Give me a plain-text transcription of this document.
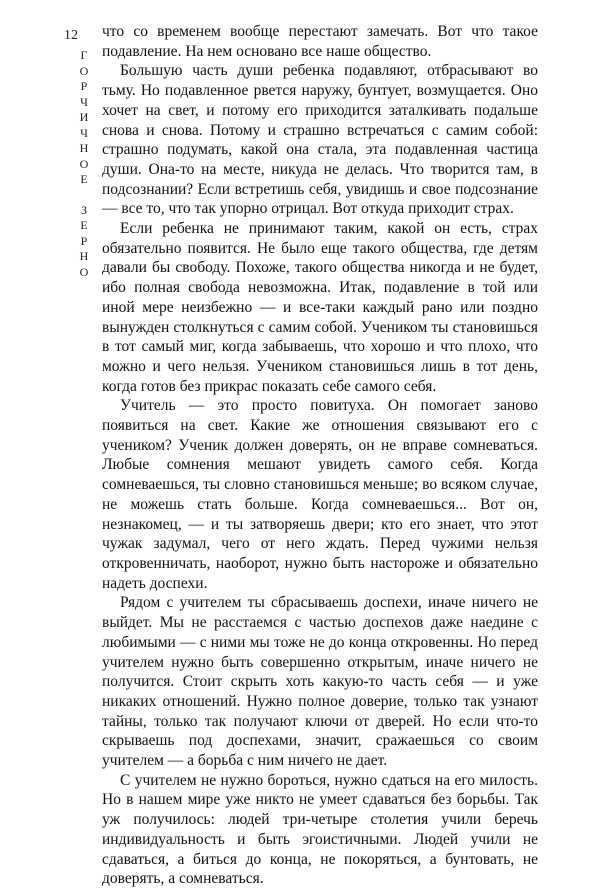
12
Г
О
Р
Ч
И
Ч
Н
О
Е
З
Е
Р
Н
О

что со временем вообще перестают замечать. Вот что такое подавление. На нем основано все наше общество.

Большую часть души ребенка подавляют, отбрасывают во тьму. Но подавленное рвется наружу, бунтует, возмущается. Оно хочет на свет, и потому его приходится заталкивать подальше снова и снова. Потому и страшно встречаться с самим собой: страшно подумать, какой она стала, эта подавленная частица души. Она-то на месте, никуда не делась. Что творится там, в подсознании? Если встретишь себя, увидишь и свое подсознание — все то, что так упорно отрицал. Вот откуда приходит страх.

Если ребенка не принимают таким, какой он есть, страх обязательно появится. Не было еще такого общества, где детям давали бы свободу. Похоже, такого общества никогда и не будет, ибо полная свобода невозможна. Итак, подавление в той или иной мере неизбежно — и все-таки каждый рано или поздно вынужден столкнуться с самим собой. Учеником ты становишься в тот самый миг, когда забываешь, что хорошо и что плохо, что можно и чего нельзя. Учеником становишься лишь в тот день, когда готов без прикрас показать себе самого себя.

Учитель — это просто повитуха. Он помогает заново появиться на свет. Какие же отношения связывают его с учеником? Ученик должен доверять, он не вправе сомневаться. Любые сомнения мешают увидеть самого себя. Когда сомневаешься, ты словно становишься меньше; во всяком случае, не можешь стать больше. Когда сомневаешься... Вот он, незнакомец, — и ты затворяешь двери; кто его знает, что этот чужак задумал, чего от него ждать. Перед чужими нельзя откровенничать, наоборот, нужно быть настороже и обязательно надеть доспехи.

Рядом с учителем ты сбрасываешь доспехи, иначе ничего не выйдет. Мы не расстаемся с частью доспехов даже наедине с любимыми — с ними мы тоже не до конца откровенны. Но перед учителем нужно быть совершенно открытым, иначе ничего не получится. Стоит скрыть хоть какую-то часть себя — и уже никаких отношений. Нужно полное доверие, только так узнают тайны, только так получают ключи от дверей. Но если что-то скрываешь под доспехами, значит, сражаешься со своим учителем — а борьба с ним ничего не дает.

С учителем не нужно бороться, нужно сдаться на его милость. Но в нашем мире уже никто не умеет сдаваться без борьбы. Так уж получилось: людей три-четыре столетия учили беречь индивидуальность и быть эгоистичными. Людей учили не сдаваться, а биться до конца, не покоряться, а бунтовать, не доверять, а сомневаться.
